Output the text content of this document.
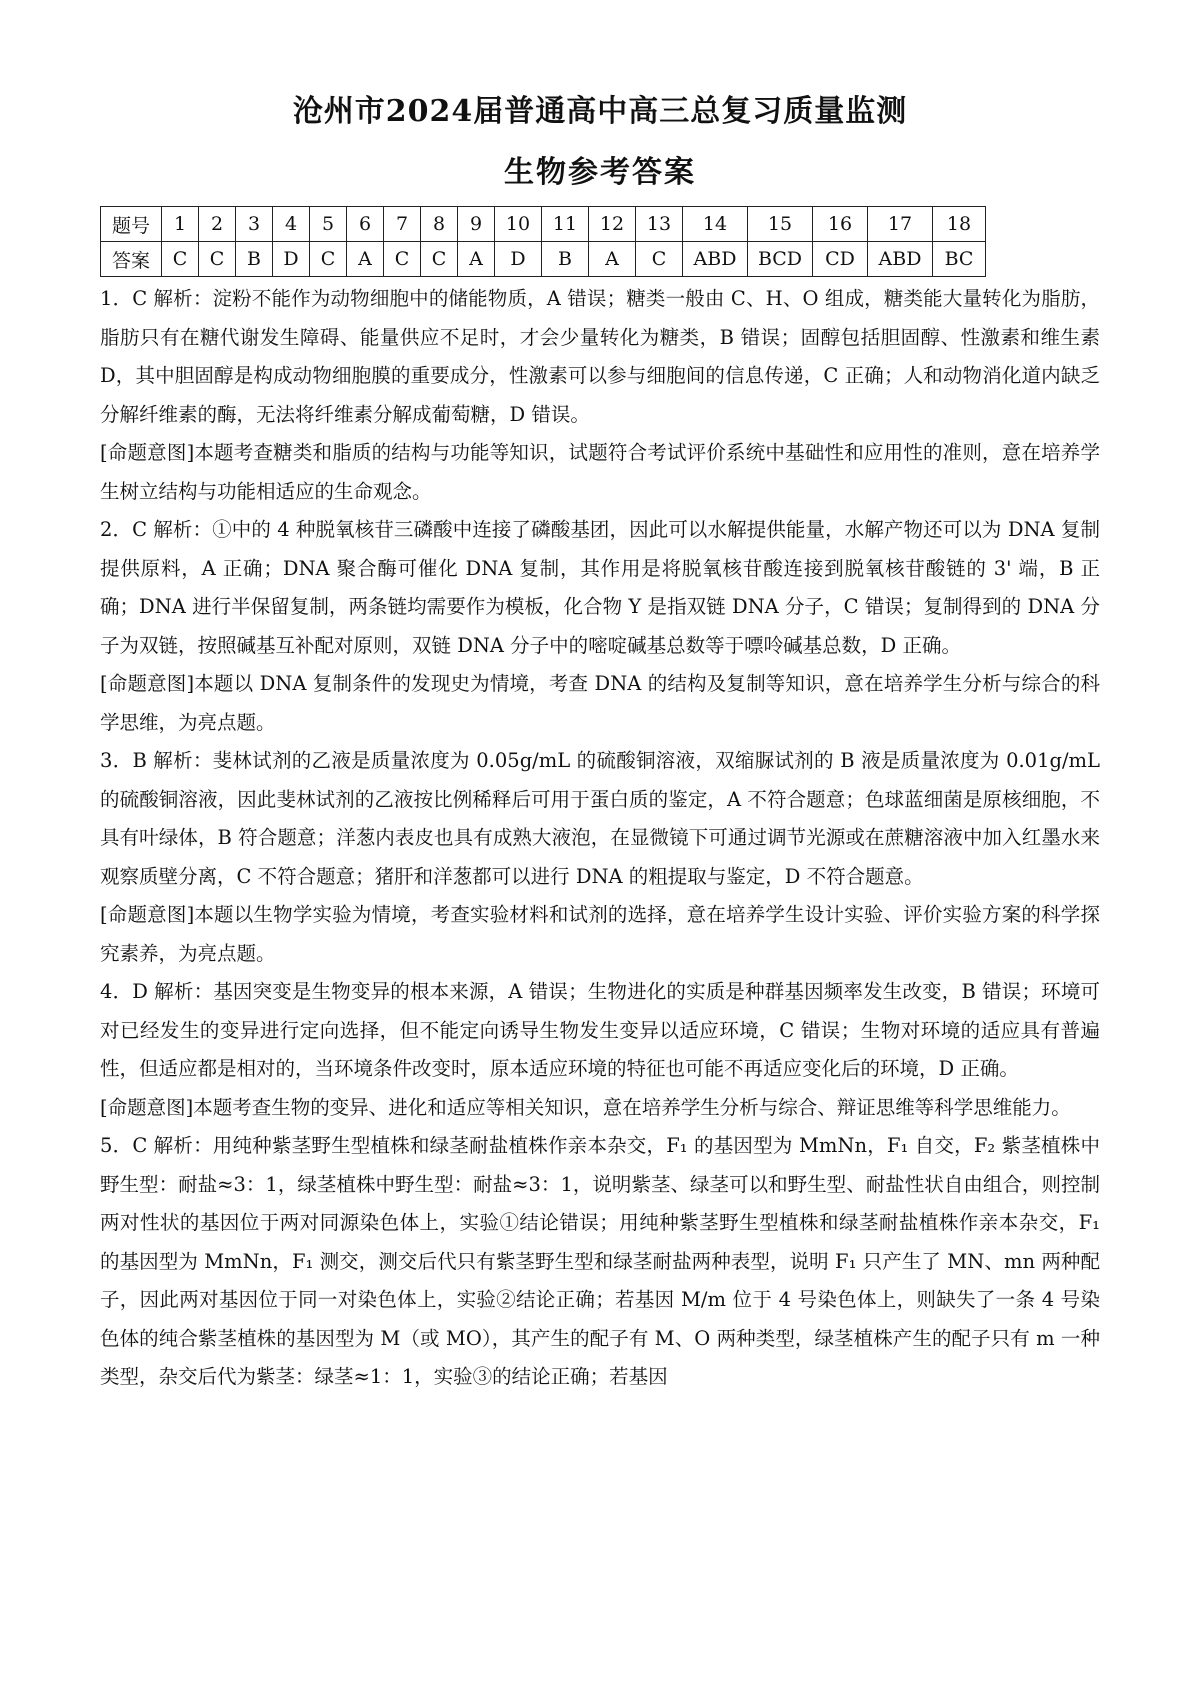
沧州市2024届普通高中高三总复习质量监测
生物参考答案
题号	1	2	3	4	5	6	7	8	9	10	11	12	13	14	15	16	17	18
答案	C	C	B	D	C	A	C	C	A	D	B	A	C	ABD	BCD	CD	ABD	BC

1．C 解析：淀粉不能作为动物细胞中的储能物质，A 错误；糖类一般由 C、H、O 组成，糖类能大量转化为脂肪，脂肪只有在糖代谢发生障碍、能量供应不足时，才会少量转化为糖类，B 错误；固醇包括胆固醇、性激素和维生素 D，其中胆固醇是构成动物细胞膜的重要成分，性激素可以参与细胞间的信息传递，C 正确；人和动物消化道内缺乏分解纤维素的酶，无法将纤维素分解成葡萄糖，D 错误。

[命题意图]本题考查糖类和脂质的结构与功能等知识，试题符合考试评价系统中基础性和应用性的准则，意在培养学生树立结构与功能相适应的生命观念。

2．C 解析：①中的 4 种脱氧核苷三磷酸中连接了磷酸基团，因此可以水解提供能量，水解产物还可以为 DNA 复制提供原料，A 正确；DNA 聚合酶可催化 DNA 复制，其作用是将脱氧核苷酸连接到脱氧核苷酸链的 3' 端，B 正确；DNA 进行半保留复制，两条链均需要作为模板，化合物 Y 是指双链 DNA 分子，C 错误；复制得到的 DNA 分子为双链，按照碱基互补配对原则，双链 DNA 分子中的嘧啶碱基总数等于嘌呤碱基总数，D 正确。

[命题意图]本题以 DNA 复制条件的发现史为情境，考查 DNA 的结构及复制等知识，意在培养学生分析与综合的科学思维，为亮点题。

3．B 解析：斐林试剂的乙液是质量浓度为 0.05g/mL 的硫酸铜溶液，双缩脲试剂的 B 液是质量浓度为 0.01g/mL 的硫酸铜溶液，因此斐林试剂的乙液按比例稀释后可用于蛋白质的鉴定，A 不符合题意；色球蓝细菌是原核细胞，不具有叶绿体，B 符合题意；洋葱内表皮也具有成熟大液泡，在显微镜下可通过调节光源或在蔗糖溶液中加入红墨水来观察质壁分离，C 不符合题意；猪肝和洋葱都可以进行 DNA 的粗提取与鉴定，D 不符合题意。

[命题意图]本题以生物学实验为情境，考查实验材料和试剂的选择，意在培养学生设计实验、评价实验方案的科学探究素养，为亮点题。

4．D 解析：基因突变是生物变异的根本来源，A 错误；生物进化的实质是种群基因频率发生改变，B 错误；环境可对已经发生的变异进行定向选择，但不能定向诱导生物发生变异以适应环境，C 错误；生物对环境的适应具有普遍性，但适应都是相对的，当环境条件改变时，原本适应环境的特征也可能不再适应变化后的环境，D 正确。

[命题意图]本题考查生物的变异、进化和适应等相关知识，意在培养学生分析与综合、辩证思维等科学思维能力。

5．C 解析：用纯种紫茎野生型植株和绿茎耐盐植株作亲本杂交，F₁ 的基因型为 MmNn，F₁ 自交，F₂ 紫茎植株中野生型：耐盐≈3：1，绿茎植株中野生型：耐盐≈3：1，说明紫茎、绿茎可以和野生型、耐盐性状自由组合，则控制两对性状的基因位于两对同源染色体上，实验①结论错误；用纯种紫茎野生型植株和绿茎耐盐植株作亲本杂交，F₁ 的基因型为 MmNn，F₁ 测交，测交后代只有紫茎野生型和绿茎耐盐两种表型，说明 F₁ 只产生了 MN、mn 两种配子，因此两对基因位于同一对染色体上，实验②结论正确；若基因 M/m 位于 4 号染色体上，则缺失了一条 4 号染色体的纯合紫茎植株的基因型为 M（或 MO），其产生的配子有 M、O 两种类型，绿茎植株产生的配子只有 m 一种类型，杂交后代为紫茎：绿茎≈1：1，实验③的结论正确；若基因
